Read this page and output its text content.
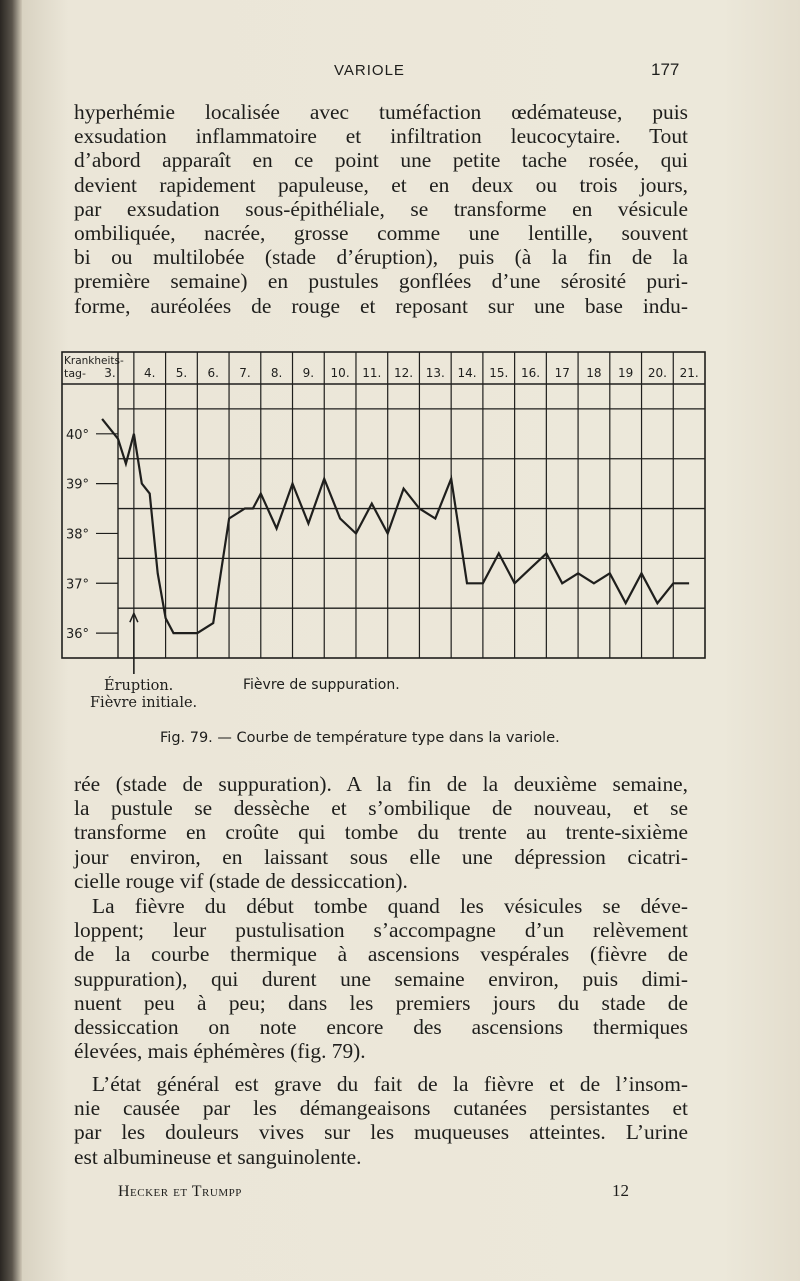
VARIOLE	177

hyperhémie localisée avec tuméfaction œdémateuse, puis
exsudation inflammatoire et infiltration leucocytaire. Tout
d’abord apparaît en ce point une petite tache rosée, qui
devient rapidement papuleuse, et en deux ou trois jours,
par exsudation sous-épithéliale, se transforme en vésicule
ombiliquée, nacrée, grosse comme une lentille, souvent
bi ou multilobée (stade d’éruption), puis (à la fin de la
première semaine) en pustules gonflées d’une sérosité puri-
forme, auréolées de rouge et reposant sur une base indu-

Krankheits-
tag- 3. 4. 5. 6. 7. 8. 9. 10. 11. 12. 13. 14. 15. 16. 17 18 19 20. 21.
40°
39°
38°
37°
36°
Éruption.
Fièvre initiale.
Fièvre de suppuration.
Fig. 79. — Courbe de température type dans la variole.

rée (stade de suppuration). A la fin de la deuxième semaine,
la pustule se dessèche et s’ombilique de nouveau, et se
transforme en croûte qui tombe du trente au trente-sixième
jour environ, en laissant sous elle une dépression cicatri-
cielle rouge vif (stade de dessiccation).

La fièvre du début tombe quand les vésicules se déve-
loppent; leur pustulisation s’accompagne d’un relèvement
de la courbe thermique à ascensions vespérales (fièvre de
suppuration), qui durent une semaine environ, puis dimi-
nuent peu à peu; dans les premiers jours du stade de
dessiccation on note encore des ascensions thermiques
élevées, mais éphémères (fig. 79).

L’état général est grave du fait de la fièvre et de l’insom-
nie causée par les démangeaisons cutanées persistantes et
par les douleurs vives sur les muqueuses atteintes. L’urine
est albumineuse et sanguinolente.

Hecker et Trumpp	12
